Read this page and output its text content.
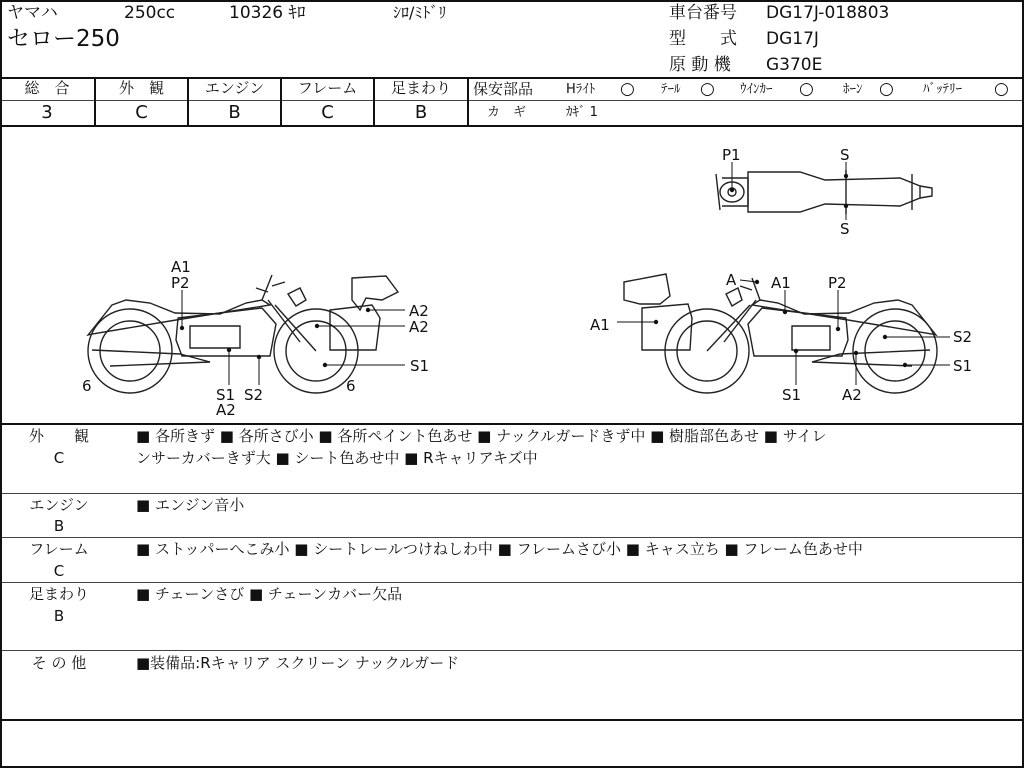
ヤマハ	250cc	10326 ｷﾛ	ｼﾛ/ﾐﾄﾞﾘ
セロー250
車台番号 DG17J-018803
型　　式 DG17J
原 動 機 G370E
総　合	外　観	エンジン	フレーム	足まわり
3	C	B	C	B
保安部品	Hﾗｲﾄ ○ ﾃｰﾙ ○ ｳｲﾝｶｰ ○ ﾎｰﾝ ○ ﾊﾞｯﾃﾘｰ ○
カ　ギ	ｶｷﾞ 1
P1	S
S
A1
P2
A2
A2
6	6
S1
S1 S2
A2
A A1 P2
A1
S2
S1
S1	A2
外　　観
C
■ 各所きず ■ 各所さび小 ■ 各所ペイント色あせ ■ ナックルガードきず中 ■ 樹脂部色あせ ■ サイレ
ンサーカバーきず大 ■ シート色あせ中 ■ Rキャリアキズ中
エンジン
B
■ エンジン音小
フレーム
C
■ ストッパーへこみ小 ■ シートレールつけねしわ中 ■ フレームさび小 ■ キャス立ち ■ フレーム色あせ中
足まわり
B
■ チェーンさび ■ チェーンカバー欠品
そ の 他	■装備品:Rキャリア スクリーン ナックルガード
